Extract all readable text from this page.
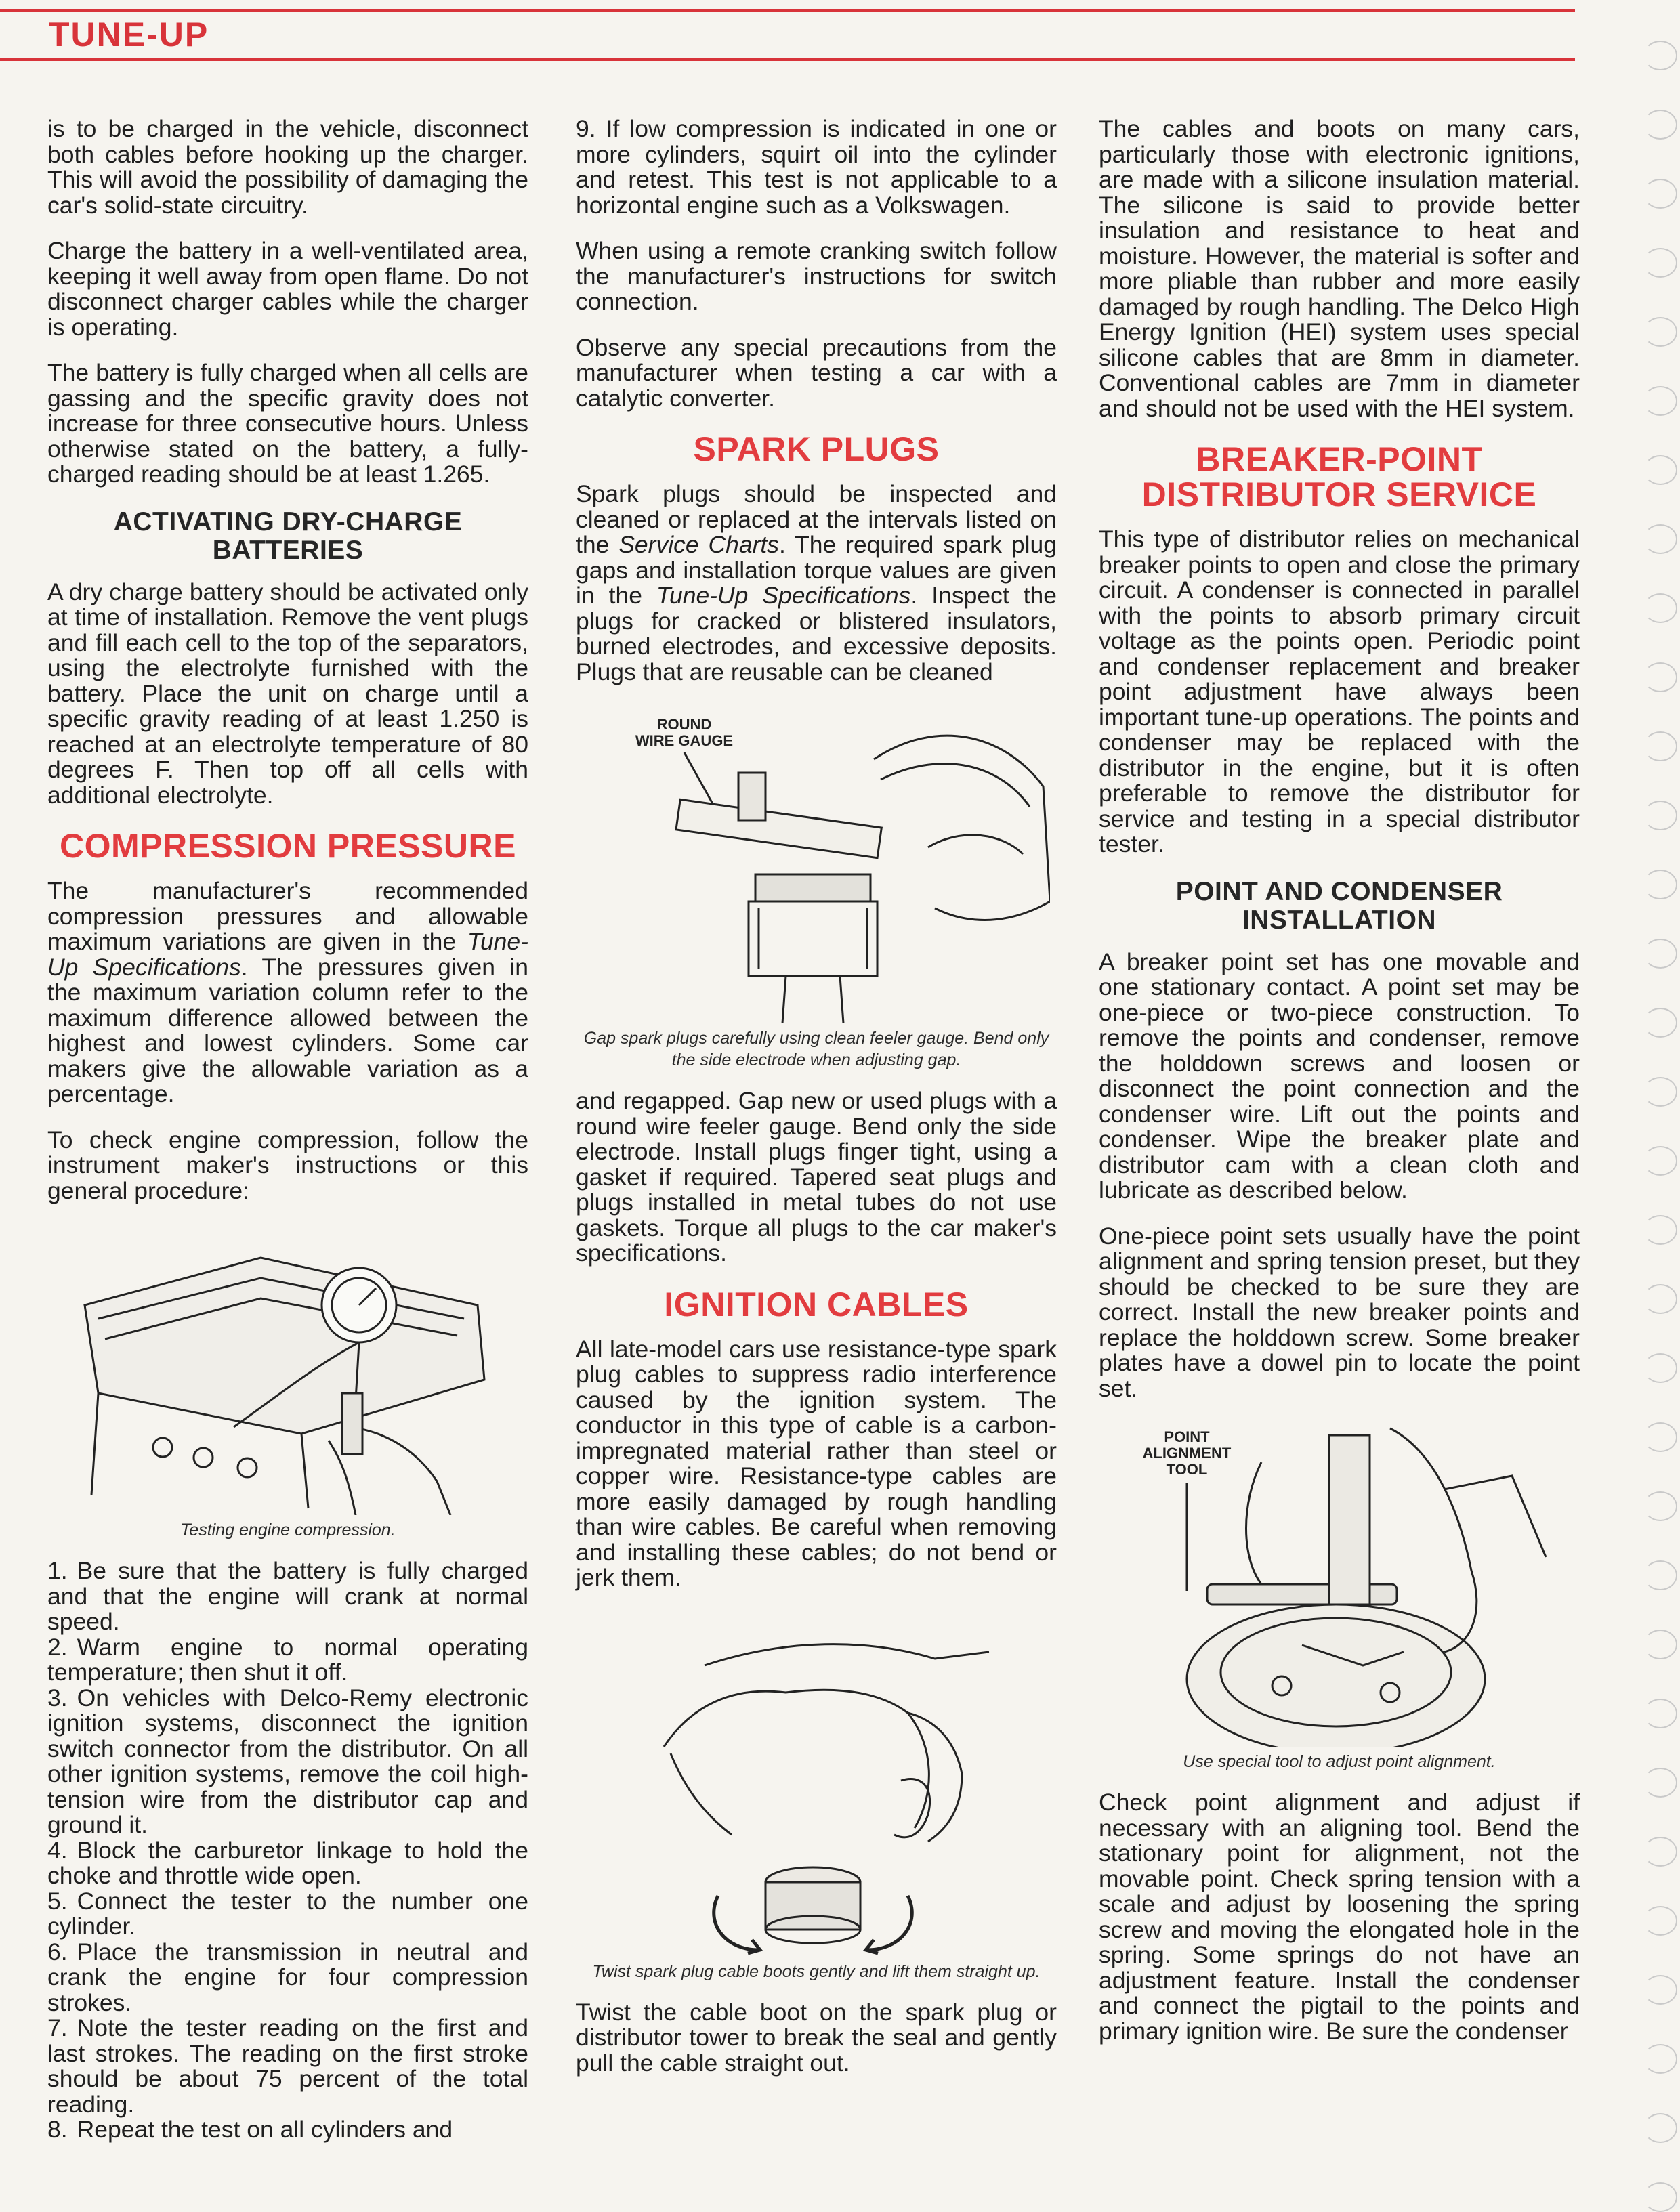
TUNE-UP

is to be charged in the vehicle, disconnect both cables before hooking up the charger. This will avoid the possibility of damaging the car's solid-state circuitry.

Charge the battery in a well-ventilated area, keeping it well away from open flame. Do not disconnect charger cables while the charger is operating.

The battery is fully charged when all cells are gassing and the specific gravity does not increase for three consecutive hours. Unless otherwise stated on the battery, a fully-charged reading should be at least 1.265.

ACTIVATING DRY-CHARGE BATTERIES

A dry charge battery should be activated only at time of installation. Remove the vent plugs and fill each cell to the top of the separators, using the electrolyte furnished with the battery. Place the unit on charge until a specific gravity reading of at least 1.250 is reached at an electrolyte temperature of 80 degrees F. Then top off all cells with additional electrolyte.

COMPRESSION PRESSURE

The manufacturer's recommended compression pressures and allowable maximum variations are given in the Tune-Up Specifications. The pressures given in the maximum variation column refer to the maximum difference allowed between the highest and lowest cylinders. Some car makers give the allowable variation as a percentage.

To check engine compression, follow the instrument maker's instructions or this general procedure:

Testing engine compression.
1. Be sure that the battery is fully charged and that the engine will crank at normal speed.
2. Warm engine to normal operating temperature; then shut it off.
3. On vehicles with Delco-Remy electronic ignition systems, disconnect the ignition switch connector from the distributor. On all other ignition systems, remove the coil high-tension wire from the distributor cap and ground it.
4. Block the carburetor linkage to hold the choke and throttle wide open.
5. Connect the tester to the number one cylinder.
6. Place the transmission in neutral and crank the engine for four compression strokes.
7. Note the tester reading on the first and last strokes. The reading on the first stroke should be about 75 percent of the total reading.
8. Repeat the test on all cylinders and

9. If low compression is indicated in one or more cylinders, squirt oil into the cylinder and retest. This test is not applicable to a horizontal engine such as a Volkswagen.

When using a remote cranking switch follow the manufacturer's instructions for switch connection.

Observe any special precautions from the manufacturer when testing a car with a catalytic converter.

SPARK PLUGS

Spark plugs should be inspected and cleaned or replaced at the intervals listed on the Service Charts. The required spark plug gaps and installation torque values are given in the Tune-Up Specifications. Inspect the plugs for cracked or blistered insulators, burned electrodes, and excessive deposits. Plugs that are reusable can be cleaned

ROUND
WIRE GAUGE
Gap spark plugs carefully using clean feeler gauge. Bend only the side electrode when adjusting gap.

and regapped. Gap new or used plugs with a round wire feeler gauge. Bend only the side electrode. Install plugs finger tight, using a gasket if required. Tapered seat plugs and plugs installed in metal tubes do not use gaskets. Torque all plugs to the car maker's specifications.

IGNITION CABLES

All late-model cars use resistance-type spark plug cables to suppress radio interference caused by the ignition system. The conductor in this type of cable is a carbon-impregnated material rather than steel or copper wire. Resistance-type cables are more easily damaged by rough handling than wire cables. Be careful when removing and installing these cables; do not bend or jerk them.

Twist spark plug cable boots gently and lift them straight up.

Twist the cable boot on the spark plug or distributor tower to break the seal and gently pull the cable straight out.

The cables and boots on many cars, particularly those with electronic ignitions, are made with a silicone insulation material. The silicone is said to provide better insulation and resistance to heat and moisture. However, the material is softer and more pliable than rubber and more easily damaged by rough handling. The Delco High Energy Ignition (HEI) system uses special silicone cables that are 8mm in diameter. Conventional cables are 7mm in diameter and should not be used with the HEI system.

BREAKER-POINT DISTRIBUTOR SERVICE

This type of distributor relies on mechanical breaker points to open and close the primary circuit. A condenser is connected in parallel with the points to absorb primary circuit voltage as the points open. Periodic point and condenser replacement and breaker point adjustment have always been important tune-up operations. The points and condenser may be replaced with the distributor in the engine, but it is often preferable to remove the distributor for service and testing in a special distributor tester.

POINT AND CONDENSER INSTALLATION

A breaker point set has one movable and one stationary contact. A point set may be one-piece or two-piece construction. To remove the points and condenser, remove the holddown screws and loosen or disconnect the point connection and the condenser wire. Lift out the points and condenser. Wipe the breaker plate and distributor cam with a clean cloth and lubricate as described below.

One-piece point sets usually have the point alignment and spring tension preset, but they should be checked to be sure they are correct. Install the new breaker points and replace the holddown screw. Some breaker plates have a dowel pin to locate the point set.

POINT
ALIGNMENT
TOOL
Use special tool to adjust point alignment.

Check point alignment and adjust if necessary with an aligning tool. Bend the stationary point for alignment, not the movable point. Check spring tension with a scale and adjust by loosening the spring screw and moving the elongated hole in the spring. Some springs do not have an adjustment feature. Install the condenser and connect the pigtail to the points and primary ignition wire. Be sure the condenser
